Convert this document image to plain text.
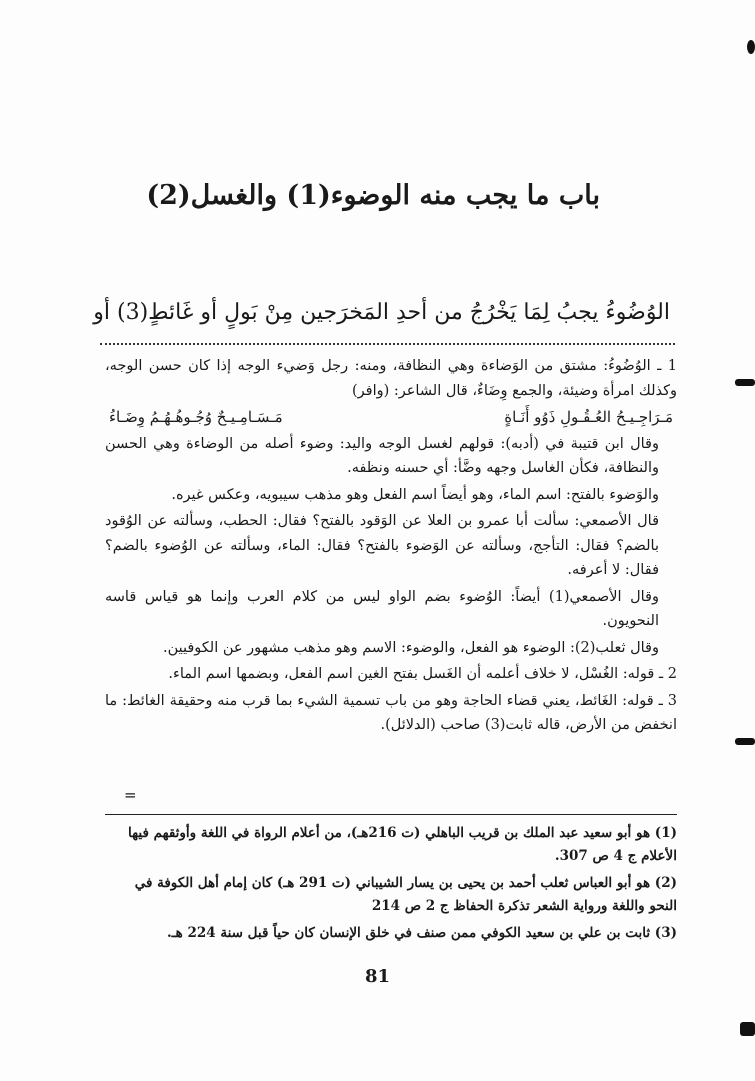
باب ما يجب منه الوضوء(1) والغسل(2)
الوُضُوءُ يجبُ لِمَا يَخْرُجُ من أحدِ المَخرَجين مِنْ بَولٍ أو غَائطٍ(3) أو

1 ـ الوُضُوءُ: مشتق من الوَضاءة وهي النظافة، ومنه: رجل وَضيء الوجه إذا كان حسن الوجه، وكذلك امرأة وضيئة، والجمع وِضَاءٌ، قال الشاعر: (وافر)

مَـرَاجِـيـحُ العُـقُـولِ ذَوُو أَنَـاةٍ
مَـسَـامِـيـحٌ وُجُـوهُـهُـمُ وِضَـاءُ

وقال ابن قتيبة في (أدبه): قولهم لغسل الوجه واليد: وضوء أصله من الوضاءة وهي الحسن والنظافة، فكأن الغاسل وجهه وضَّأ: أي حسنه ونظفه.

والوَضوء بالفتح: اسم الماء، وهو أيضاً اسم الفعل وهو مذهب سيبويه، وعكس غيره.

قال الأصمعي: سألت أبا عمرو بن العلا عن الوَقود بالفتح؟ فقال: الحطب، وسألته عن الوُقود بالضم؟ فقال: التأجج، وسألته عن الوَضوء بالفتح؟ فقال: الماء، وسألته عن الوُضوء بالضم؟ فقال: لا أعرفه.

وقال الأصمعي(1) أيضاً: الوُضوء بضم الواو ليس من كلام العرب وإنما هو قياس قاسه النحويون.

وقال ثعلب(2): الوضوء هو الفعل، والوضوء: الاسم وهو مذهب مشهور عن الكوفيين.

2 ـ قوله: الغُسْل، لا خلاف أعلمه أن الغَسل بفتح الغين اسم الفعل، وبضمها اسم الماء.

3 ـ قوله: الغَائط، يعني قضاء الحاجة وهو من باب تسمية الشيء بما قرب منه وحقيقة الغائط: ما انخفض من الأرض، قاله ثابت(3) صاحب (الدلائل).

=

(1) هو أبو سعيد عبد الملك بن قريب الباهلي (ت 216هـ)، من أعلام الرواة في اللغة وأوثقهم فيها الأعلام ج 4 ص 307.

(2) هو أبو العباس ثعلب أحمد بن يحيى بن يسار الشيباني (ت 291 هـ) كان إمام أهل الكوفة في النحو واللغة ورواية الشعر تذكرة الحفاظ ج 2 ص 214

(3) ثابت بن علي بن سعيد الكوفي ممن صنف في خلق الإنسان كان حياً قبل سنة 224 هـ.

81
